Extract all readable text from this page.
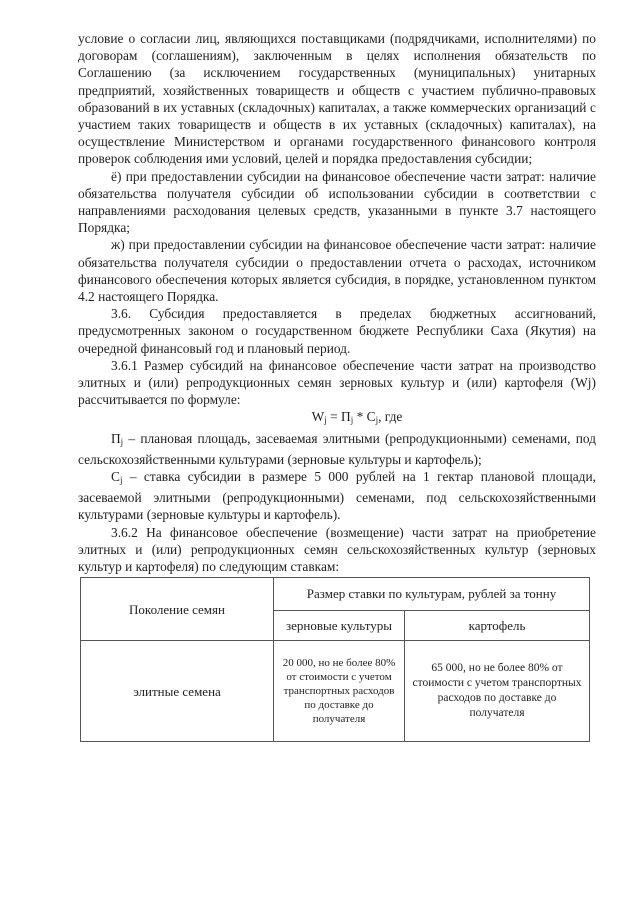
условие о согласии лиц, являющихся поставщиками (подрядчиками, исполнителями) по договорам (соглашениям), заключенным в целях исполнения обязательств по Соглашению (за исключением государственных (муниципальных) унитарных предприятий, хозяйственных товариществ и обществ с участием публично-правовых образований в их уставных (складочных) капиталах, а также коммерческих организаций с участием таких товариществ и обществ в их уставных (складочных) капиталах), на осуществление Министерством и органами государственного финансового контроля проверок соблюдения ими условий, целей и порядка предоставления субсидии;

ё) при предоставлении субсидии на финансовое обеспечение части затрат: наличие обязательства получателя субсидии об использовании субсидии в соответствии с направлениями расходования целевых средств, указанными в пункте 3.7 настоящего Порядка;

ж) при предоставлении субсидии на финансовое обеспечение части затрат: наличие обязательства получателя субсидии о предоставлении отчета о расходах, источником финансового обеспечения которых является субсидия, в порядке, установленном пунктом 4.2 настоящего Порядка.

3.6. Субсидия предоставляется в пределах бюджетных ассигнований, предусмотренных законом о государственном бюджете Республики Саха (Якутия) на очередной финансовый год и плановый период.

3.6.1 Размер субсидий на финансовое обеспечение части затрат на производство элитных и (или) репродукционных семян зерновых культур и (или) картофеля (Wj) рассчитывается по формуле:

$W_j = П_j * C_j$, где

$П_j$ – плановая площадь, засеваемая элитными (репродукционными) семенами, под сельскохозяйственными культурами (зерновые культуры и картофель);

$C_j$ – ставка субсидии в размере 5 000 рублей на 1 гектар плановой площади, засеваемой элитными (репродукционными) семенами, под сельскохозяйственными культурами (зерновые культуры и картофель).

3.6.2 На финансовое обеспечение (возмещение) части затрат на приобретение элитных и (или) репродукционных семян сельскохозяйственных культур (зерновых культур и картофеля) по следующим ставкам:

Поколение семян	Размер ставки по культурам, рублей за тонну	
	зерновые культуры	картофель
элитные семена	20 000, но не более 80% от стоимости с учетом транспортных расходов по доставке до получателя	65 000, но не более 80% от стоимости с учетом транспортных расходов по доставке до получателя
